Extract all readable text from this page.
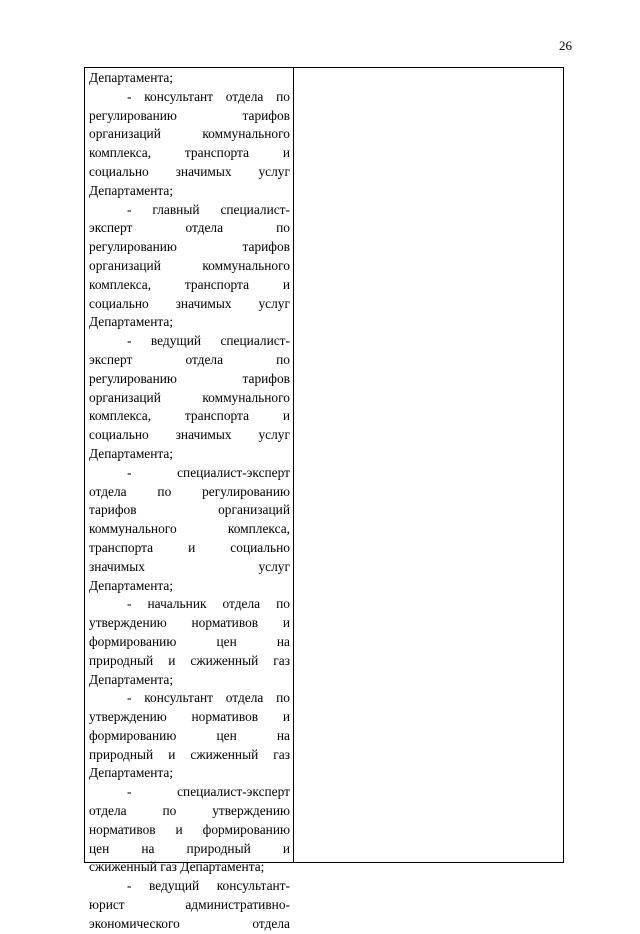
26
Департамента;
- консультант отдела по
регулированию тарифов
организаций коммунального
комплекса, транспорта и
социально значимых услуг
Департамента;
- главный специалист-
эксперт отдела по
регулированию тарифов
организаций коммунального
комплекса, транспорта и
социально значимых услуг
Департамента;
- ведущий специалист-
эксперт отдела по
регулированию тарифов
организаций коммунального
комплекса, транспорта и
социально значимых услуг
Департамента;
- специалист-эксперт
отдела по регулированию
тарифов организаций
коммунального комплекса,
транспорта и социально
значимых услуг
Департамента;
- начальник отдела по
утверждению нормативов и
формированию цен на
природный и сжиженный газ
Департамента;
- консультант отдела по
утверждению нормативов и
формированию цен на
природный и сжиженный газ
Департамента;
- специалист-эксперт
отдела по утверждению
нормативов и формированию
цен на природный и
сжиженный газ Департамента;
- ведущий консультант-
юрист административно-
экономического отдела
